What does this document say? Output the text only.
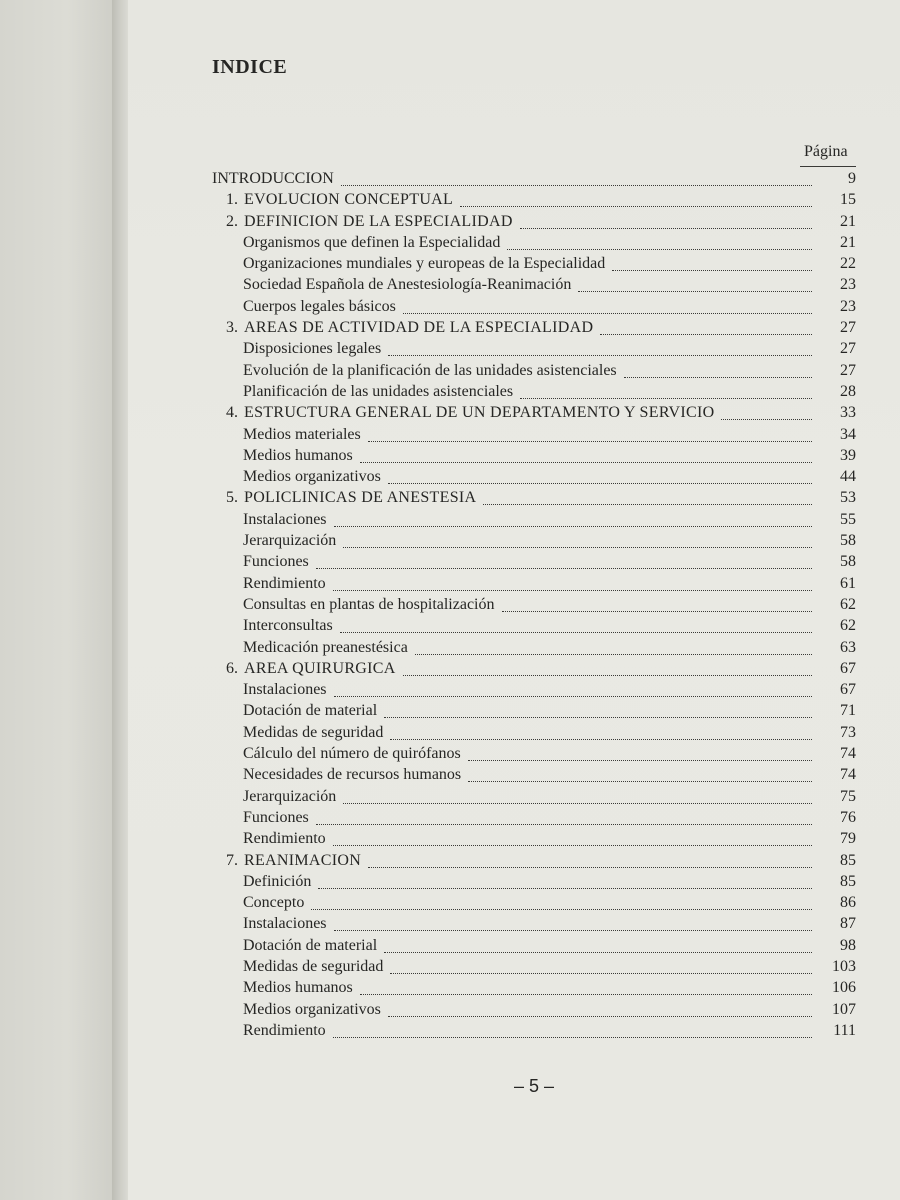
INDICE
Página
INTRODUCCION	9
1. EVOLUCION CONCEPTUAL	15
2. DEFINICION DE LA ESPECIALIDAD	21
Organismos que definen la Especialidad	21
Organizaciones mundiales y europeas de la Especialidad	22
Sociedad Española de Anestesiología-Reanimación	23
Cuerpos legales básicos	23
3. AREAS DE ACTIVIDAD DE LA ESPECIALIDAD	27
Disposiciones legales	27
Evolución de la planificación de las unidades asistenciales	27
Planificación de las unidades asistenciales	28
4. ESTRUCTURA GENERAL DE UN DEPARTAMENTO Y SERVICIO	33
Medios materiales	34
Medios humanos	39
Medios organizativos	44
5. POLICLINICAS DE ANESTESIA	53
Instalaciones	55
Jerarquización	58
Funciones	58
Rendimiento	61
Consultas en plantas de hospitalización	62
Interconsultas	62
Medicación preanestésica	63
6. AREA QUIRURGICA	67
Instalaciones	67
Dotación de material	71
Medidas de seguridad	73
Cálculo del número de quirófanos	74
Necesidades de recursos humanos	74
Jerarquización	75
Funciones	76
Rendimiento	79
7. REANIMACION	85
Definición	85
Concepto	86
Instalaciones	87
Dotación de material	98
Medidas de seguridad	103
Medios humanos	106
Medios organizativos	107
Rendimiento	111
– 5 –
